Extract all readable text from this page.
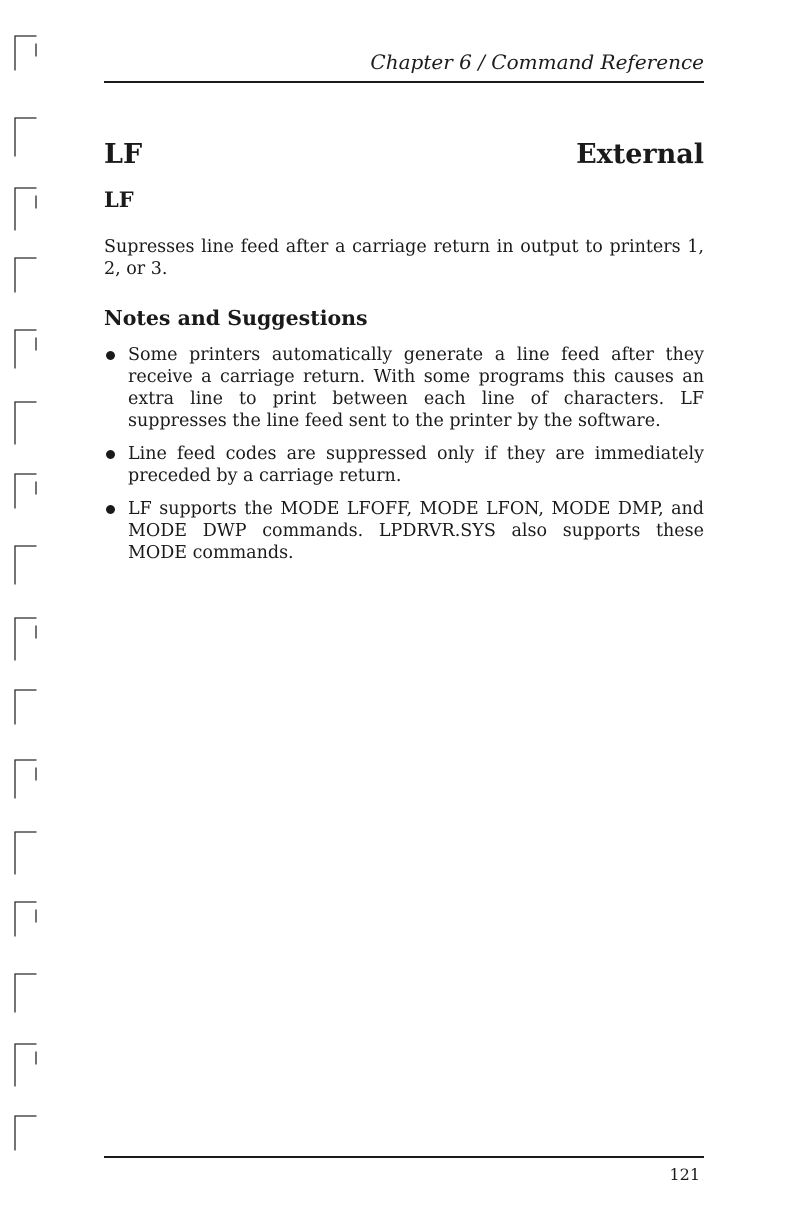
Chapter 6 / Command Reference
LF	External
LF

Supresses line feed after a carriage return in output to printers 1, 2, or 3.

Notes and Suggestions
Some printers automatically generate a line feed after they receive a carriage return. With some programs this causes an extra line to print between each line of characters. LF suppresses the line feed sent to the printer by the software.
Line feed codes are suppressed only if they are immediately preceded by a carriage return.
LF supports the MODE LFOFF, MODE LFON, MODE DMP, and MODE DWP commands. LPDRVR.SYS also supports these MODE commands.
121
